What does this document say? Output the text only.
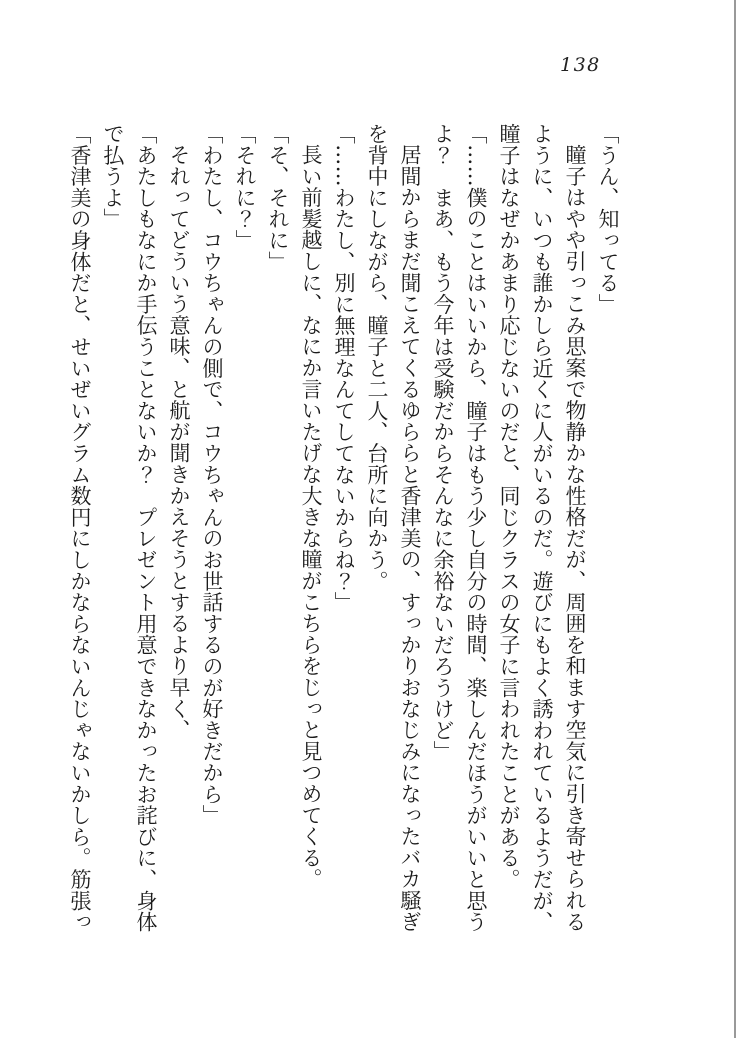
138

「うん、知ってる」

瞳子はやや引っこみ思案で物静かな性格だが、周囲を和ます空気に引き寄せられる

ように、いつも誰かしら近くに人がいるのだ。遊びにもよく誘われているようだが、

瞳子はなぜかあまり応じないのだと、同じクラスの女子に言われたことがある。

「……僕のことはいいから、瞳子はもう少し自分の時間、楽しんだほうがいいと思う

よ？　まあ、もう今年は受験だからそんなに余裕ないだろうけど」

居間からまだ聞こえてくるゆららと香津美の、すっかりおなじみになったバカ騒ぎ

を背中にしながら、瞳子と二人、台所に向かう。

「……わたし、別に無理なんてしてないからね？」

長い前髪越しに、なにか言いたげな大きな瞳がこちらをじっと見つめてくる。

「そ、それに」

「それに？」

「わたし、コウちゃんの側で、コウちゃんのお世話するのが好きだから」

それってどういう意味、と航が聞きかえそうとするより早く、

「あたしもなにか手伝うことないか？　プレゼント用意できなかったお詫びに、身体

で払うよ」

「香津美の身体だと、せいぜいグラム数円にしかならないんじゃないかしら。筋張っ
